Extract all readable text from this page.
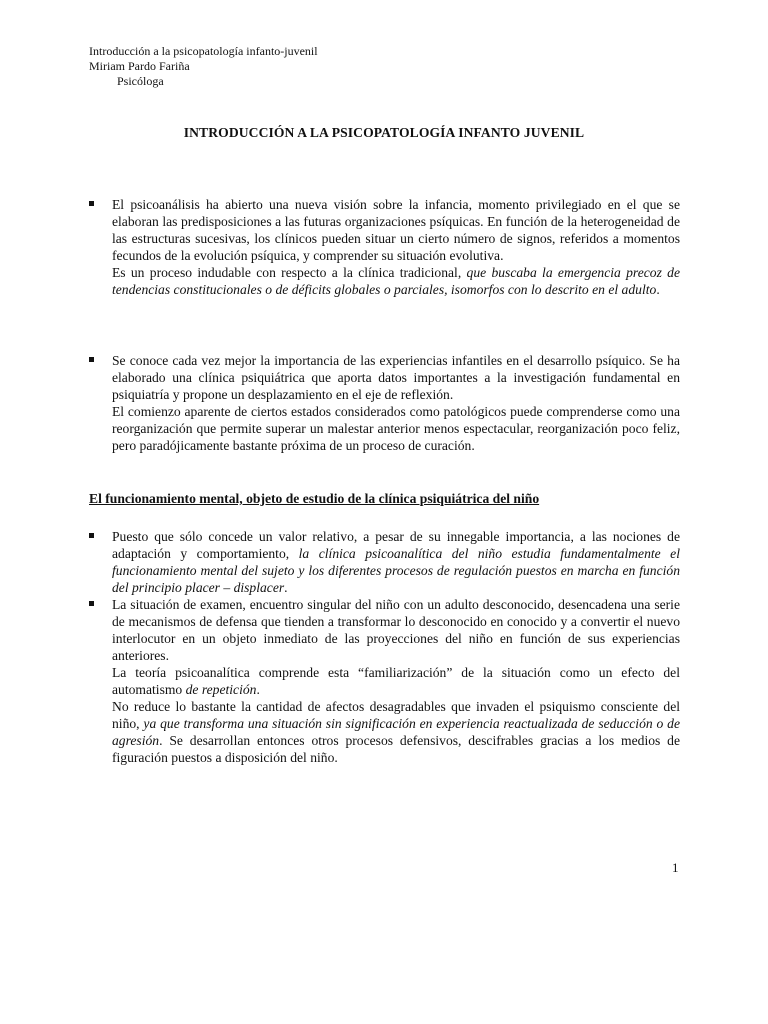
Introducción a la psicopatología infanto-juvenil
Miriam Pardo Fariña
Psicóloga
INTRODUCCIÓN A LA PSICOPATOLOGÍA INFANTO JUVENIL

El psicoanálisis ha abierto una nueva visión sobre la infancia, momento privilegiado en el que se elaboran las predisposiciones a las futuras organizaciones psíquicas. En función de la heterogeneidad de las estructuras sucesivas, los clínicos pueden situar un cierto número de signos, referidos a momentos fecundos de la evolución psíquica, y comprender su situación evolutiva.

Es un proceso indudable con respecto a la clínica tradicional, que buscaba la emergencia precoz de tendencias constitucionales o de déficits globales o parciales, isomorfos con lo descrito en el adulto.

Se conoce cada vez mejor la importancia de las experiencias infantiles en el desarrollo psíquico. Se ha elaborado una clínica psiquiátrica que aporta datos importantes a la investigación fundamental en psiquiatría y propone un desplazamiento en el eje de reflexión.

El comienzo aparente de ciertos estados considerados como patológicos puede comprenderse como una reorganización que permite superar un malestar anterior menos espectacular, reorganización poco feliz, pero paradójicamente bastante próxima de un proceso de curación.

El funcionamiento mental, objeto de estudio de la clínica psiquiátrica del niño

Puesto que sólo concede un valor relativo, a pesar de su innegable importancia, a las nociones de adaptación y comportamiento, la clínica psicoanalítica del niño estudia fundamentalmente el funcionamiento mental del sujeto y los diferentes procesos de regulación puestos en marcha en función del principio placer – displacer.

La situación de examen, encuentro singular del niño con un adulto desconocido, desencadena una serie de mecanismos de defensa que tienden a transformar lo desconocido en conocido y a convertir el nuevo interlocutor en un objeto inmediato de las proyecciones del niño en función de sus experiencias anteriores.

La teoría psicoanalítica comprende esta “familiarización” de la situación como un efecto del automatismo de repetición.

No reduce lo bastante la cantidad de afectos desagradables que invaden el psiquismo consciente del niño, ya que transforma una situación sin significación en experiencia reactualizada de seducción o de agresión. Se desarrollan entonces otros procesos defensivos, descifrables gracias a los medios de figuración puestos a disposición del niño.

1
